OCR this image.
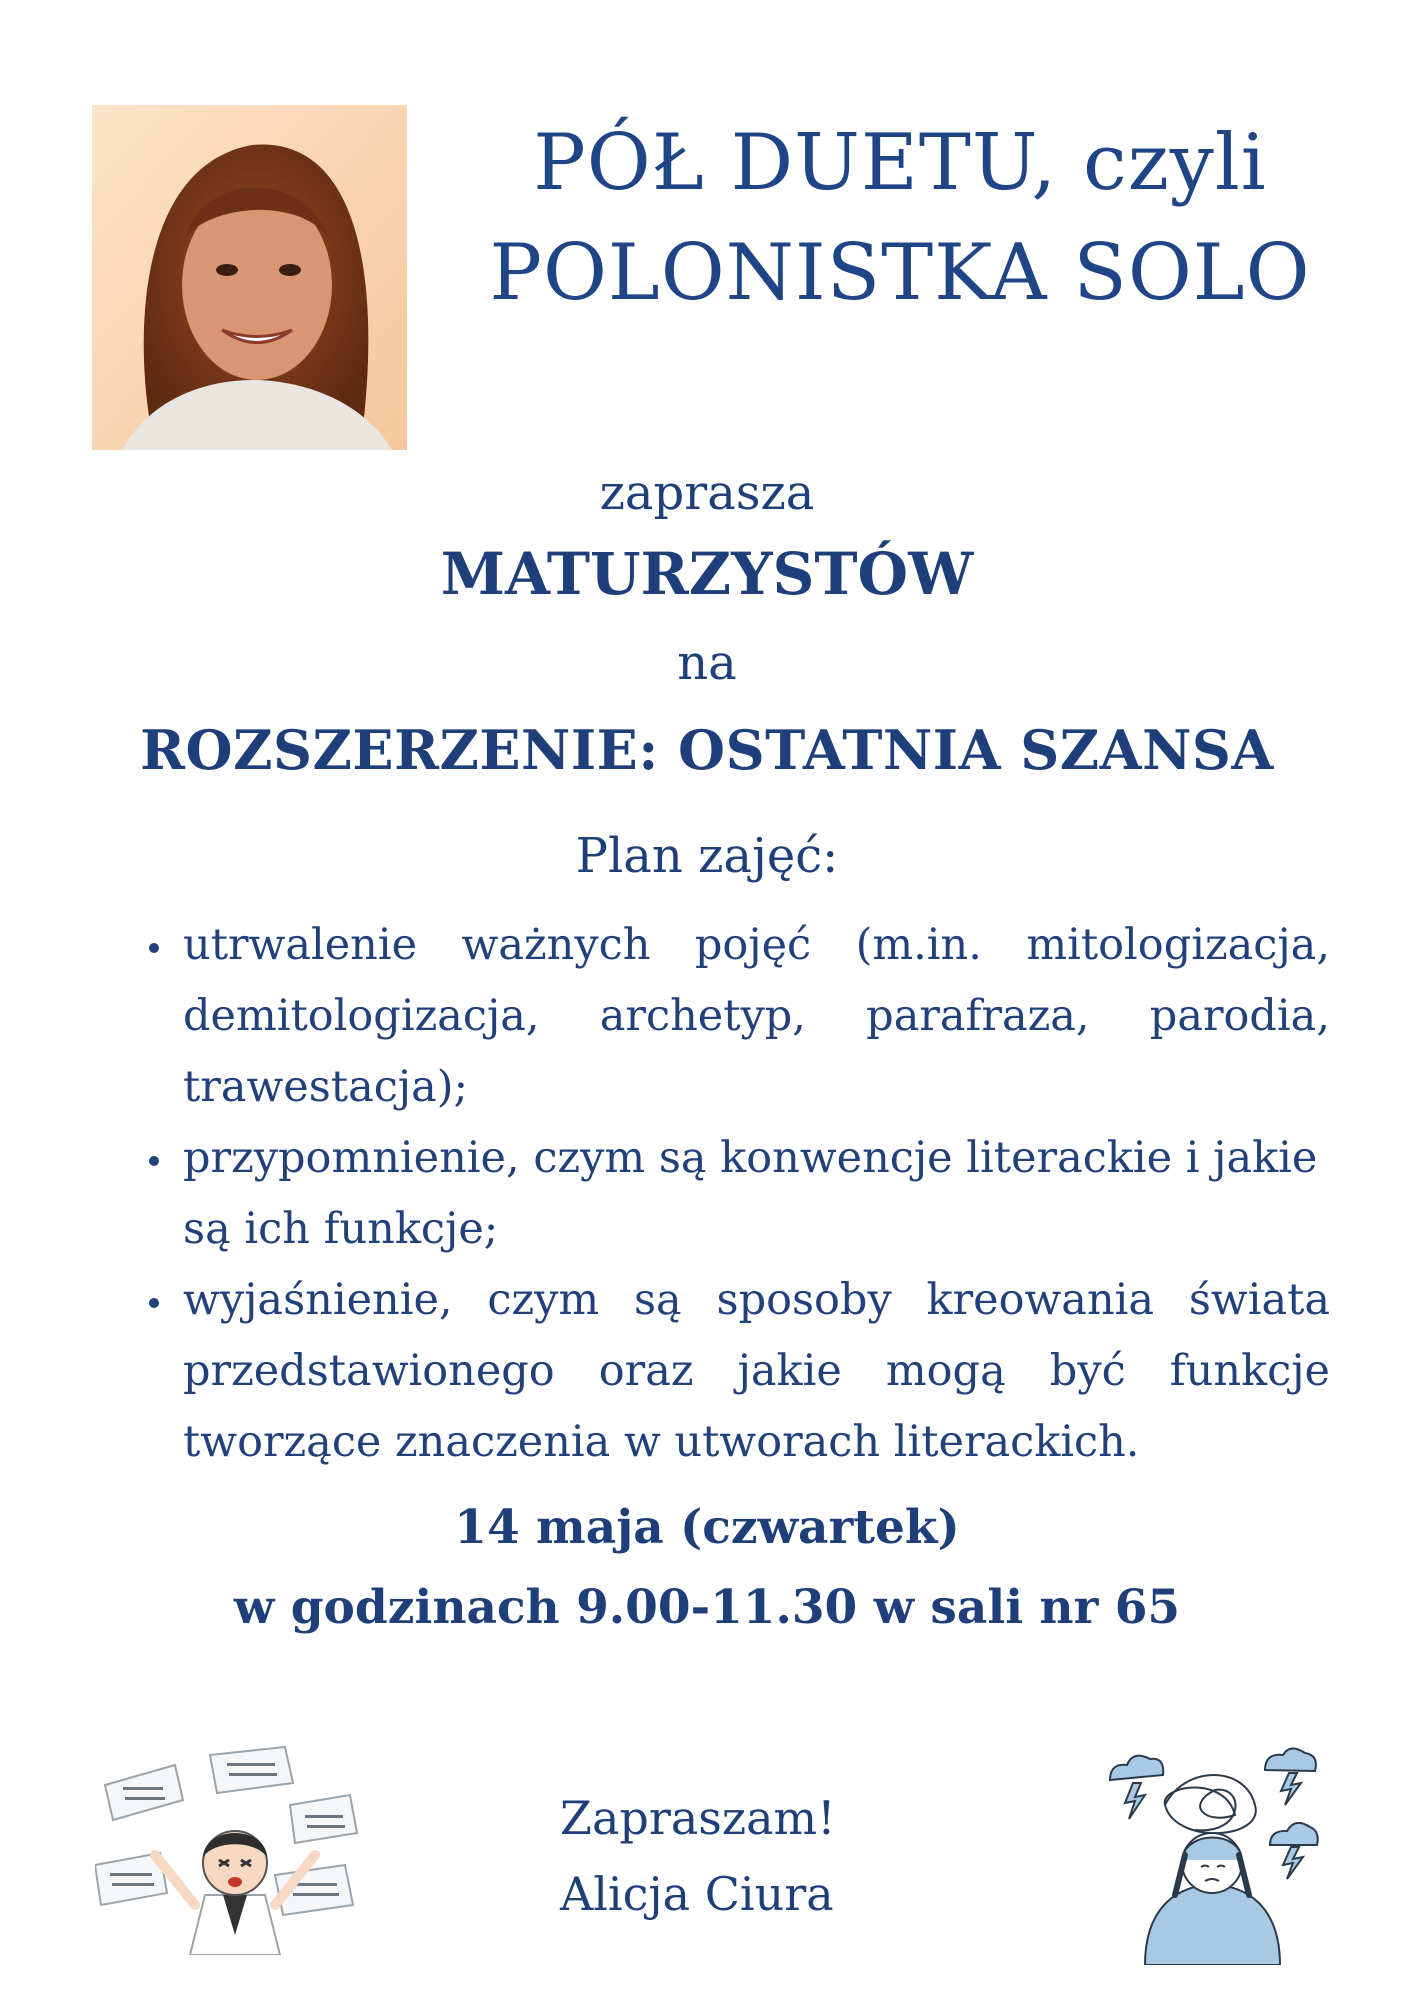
PÓŁ DUETU, czyli
POLONISTKA SOLO
zaprasza
MATURZYSTÓW
na
ROZSZERZENIE: OSTATNIA SZANSA
Plan zajęć:
utrwalenie ważnych pojęć (m.in. mitologizacja, demitologizacja, archetyp, parafraza, parodia, trawestacja);
przypomnienie, czym są konwencje literackie i jakie są ich funkcje;
wyjaśnienie, czym są sposoby kreowania świata przedstawionego oraz jakie mogą być funkcje tworzące znaczenia w utworach literackich.
14 maja (czwartek)
w godzinach 9.00-11.30 w sali nr 65
Zapraszam!
Alicja Ciura
